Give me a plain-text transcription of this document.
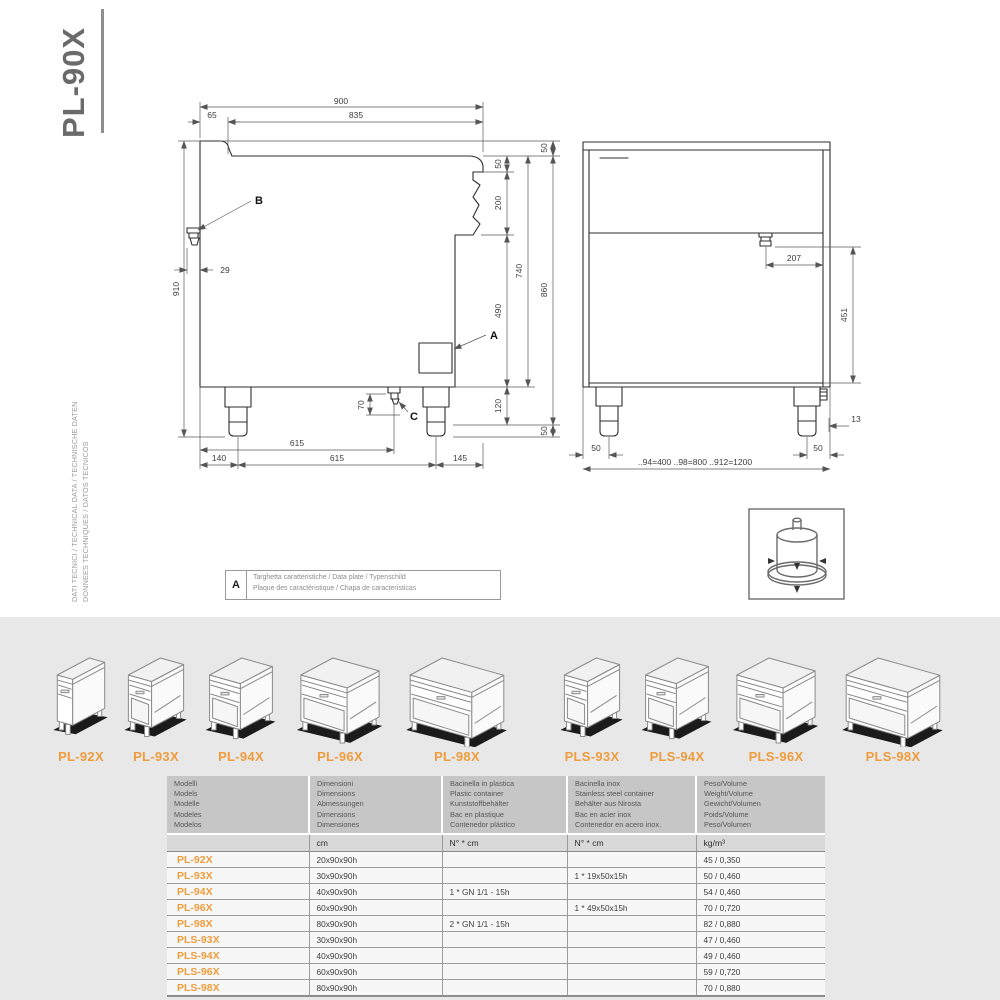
PL-90X
DATI TECNICI / TECHNICAL DATA / TECHNISCHE DATEN DONNEES TECHNIQUES / DATOS TECNICOS
A
B
C
900
65	835
50
200
490
120
740
50
860
50
910
29
70
615
140	615	145
207
451
13
50	50
..94=400 ..98=800 ..912=1200
A
Targhetta caratteristiche / Data plate / Typenschild
Plaque des caractéristique / Chapa de características
PL-92X PL-93X	PL-94X	PL-96X	PL-98X	PLS-93X PLS-94X	PLS-96X	PLS-98X
Modelli
Models
Modelle
Modeles
Modelos

Dimensioni
Dimensions
Abmessungen
Dimensions
Dimensiones

Bacinella in plastica
Plastic container
Kunststoffbehälter
Bac en plastique
Contenedor plástico

Bacinella inox
Stainless steel container
Behälter aus Nirosta
Bac en acier inox
Contenedor en acero inox.

Peso/Volume
Weight/Volume
Gewicht/Volumen
Poids/Volume
Peso/Volumen

	cm	N° * cm	N° * cm	kg/m³
PL-92X	20x90x90h			45 / 0,350
PL-93X	30x90x90h		1 * 19x50x15h	50 / 0,460
PL-94X	40x90x90h	1 * GN 1/1 - 15h		54 / 0,460
PL-96X	60x90x90h		1 * 49x50x15h	70 / 0,720
PL-98X	80x90x90h	2 * GN 1/1 - 15h		82 / 0,880
PLS-93X	30x90x90h			47 / 0,460
PLS-94X	40x90x90h			49 / 0,460
PLS-96X	60x90x90h			59 / 0,720
PLS-98X	80x90x90h			70 / 0,880
